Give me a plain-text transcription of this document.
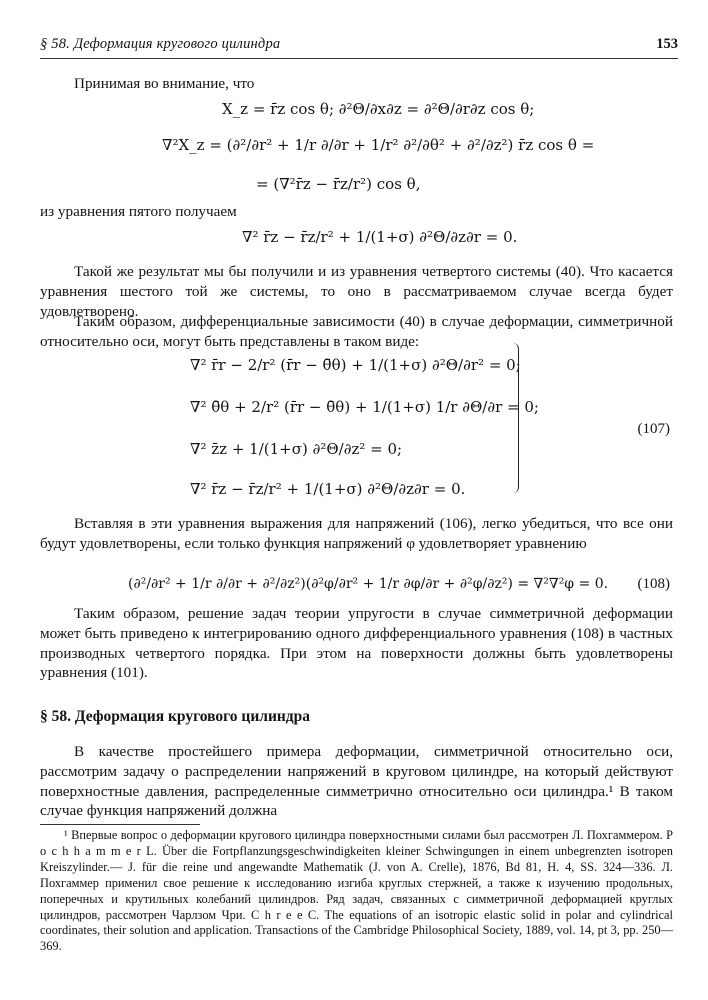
§ 58. Деформация кругового цилиндра	153
Принимая во внимание, что
X_z = r̄z cos θ; ∂²Θ/∂x∂z = ∂²Θ/∂r∂z cos θ;
∇²X_z = (∂²/∂r² + 1/r ∂/∂r + 1/r² ∂²/∂θ² + ∂²/∂z²) r̄z cos θ =
= (∇²r̄z − r̄z/r²) cos θ,
из уравнения пятого получаем
∇² r̄z − r̄z/r² + 1/(1+σ) ∂²Θ/∂z∂r = 0.
Такой же результат мы бы получили и из уравнения четвертого системы (40). Что касается уравнения шестого той же системы, то оно в рассматриваемом случае всегда будет удовлетворено.
Таким образом, дифференциальные зависимости (40) в случае деформации, симметричной относительно оси, могут быть представлены в таком виде:
∇² r̄r − 2/r² (r̄r − θ̄θ) + 1/(1+σ) ∂²Θ/∂r² = 0;
∇² θ̄θ + 2/r² (r̄r − θ̄θ) + 1/(1+σ) 1/r ∂Θ/∂r = 0;
∇² z̄z + 1/(1+σ) ∂²Θ/∂z² = 0;
∇² r̄z − r̄z/r² + 1/(1+σ) ∂²Θ/∂z∂r = 0.
(107)
Вставляя в эти уравнения выражения для напряжений (106), легко убедиться, что все они будут удовлетворены, если только функция напряжений φ удовлетворяет уравнению
(∂²/∂r² + 1/r ∂/∂r + ∂²/∂z²)(∂²φ/∂r² + 1/r ∂φ/∂r + ∂²φ/∂z²) = ∇²∇²φ = 0. (108)
Таким образом, решение задач теории упругости в случае симметричной деформации может быть приведено к интегрированию одного дифференциального уравнения (108) в частных производных четвертого порядка. При этом на поверхности должны быть удовлетворены уравнения (101).
§ 58. Деформация кругового цилиндра
В качестве простейшего примера деформации, симметричной относительно оси, рассмотрим задачу о распределении напряжений в круговом цилиндре, на который действуют поверхностные давления, распределенные симметрично относительно оси цилиндра.¹ В таком случае функция напряжений должна
¹ Впервые вопрос о деформации кругового цилиндра поверхностными силами был рассмотрен Л. Похгаммером. P o c h h a m m e r L. Über die Fortpflanzungsgeschwindigkeiten kleiner Schwingungen in einem unbegrenzten isotropen Kreiszylinder.— J. für die reine und angewandte Mathematik (J. von A. Crelle), 1876, Bd 81, H. 4, SS. 324—336. Л. Похгаммер применил свое решение к исследованию изгиба круглых стержней, а также к изучению продольных, поперечных и крутильных колебаний цилиндров. Ряд задач, связанных с симметричной деформацией круглых цилиндров, рассмотрен Чарлзом Чри. C h r e e C. The equations of an isotropic elastic solid in polar and cylindrical coordinates, their solution and application. Transactions of the Cambridge Philosophical Society, 1889, vol. 14, pt 3, pp. 250—369.
